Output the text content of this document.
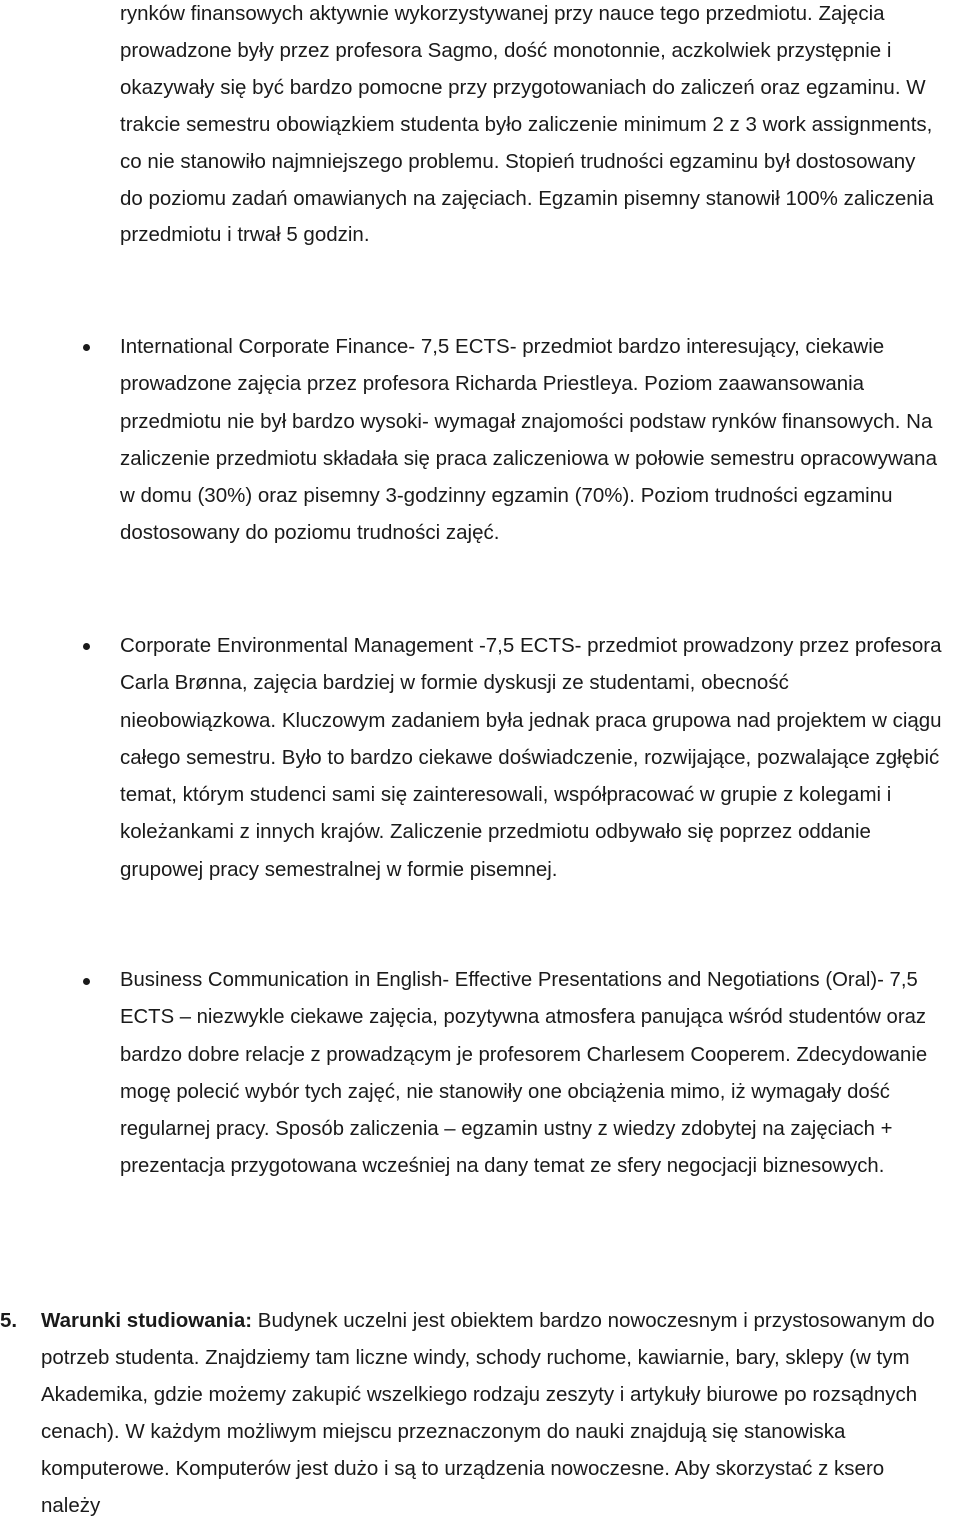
rynków finansowych aktywnie wykorzystywanej przy nauce tego przedmiotu. Zajęcia prowadzone były przez profesora Sagmo, dość monotonnie, aczkolwiek przystępnie i okazywały się być bardzo pomocne przy przygotowaniach do zaliczeń oraz egzaminu. W trakcie semestru obowiązkiem studenta było zaliczenie minimum 2 z 3 work assignments, co nie stanowiło najmniejszego problemu. Stopień trudności egzaminu był dostosowany do poziomu zadań omawianych na zajęciach. Egzamin pisemny stanowił 100% zaliczenia przedmiotu i trwał 5 godzin.

International Corporate Finance- 7,5 ECTS- przedmiot bardzo interesujący, ciekawie prowadzone zajęcia przez profesora Richarda Priestleya. Poziom zaawansowania przedmiotu nie był bardzo wysoki- wymagał znajomości podstaw rynków finansowych. Na zaliczenie przedmiotu składała się praca zaliczeniowa w połowie semestru opracowywana w domu (30%) oraz pisemny 3-godzinny egzamin (70%). Poziom trudności egzaminu dostosowany do poziomu trudności zajęć.

Corporate Environmental Management -7,5 ECTS- przedmiot prowadzony przez profesora Carla Brønna, zajęcia bardziej w formie dyskusji ze studentami, obecność nieobowiązkowa. Kluczowym zadaniem była jednak praca grupowa nad projektem w ciągu całego semestru. Było to bardzo ciekawe doświadczenie, rozwijające, pozwalające zgłębić temat, którym studenci sami się zainteresowali, współpracować w grupie z kolegami i koleżankami z innych krajów. Zaliczenie przedmiotu odbywało się poprzez oddanie grupowej pracy semestralnej w formie pisemnej.

Business Communication in English- Effective Presentations and Negotiations (Oral)- 7,5 ECTS – niezwykle ciekawe zajęcia, pozytywna atmosfera panująca wśród studentów oraz bardzo dobre relacje z prowadzącym je profesorem Charlesem Cooperem. Zdecydowanie mogę polecić wybór tych zajęć, nie stanowiły one obciążenia mimo, iż wymagały dość regularnej pracy. Sposób zaliczenia – egzamin ustny z wiedzy zdobytej na zajęciach + prezentacja przygotowana wcześniej na dany temat ze sfery negocjacji biznesowych.

5. Warunki studiowania: Budynek uczelni jest obiektem bardzo nowoczesnym i przystosowanym do potrzeb studenta. Znajdziemy tam liczne windy, schody ruchome, kawiarnie, bary, sklepy (w tym Akademika, gdzie możemy zakupić wszelkiego rodzaju zeszyty i artykuły biurowe po rozsądnych cenach). W każdym możliwym miejscu przeznaczonym do nauki znajdują się stanowiska komputerowe. Komputerów jest dużo i są to urządzenia nowoczesne. Aby skorzystać z ksero należy
